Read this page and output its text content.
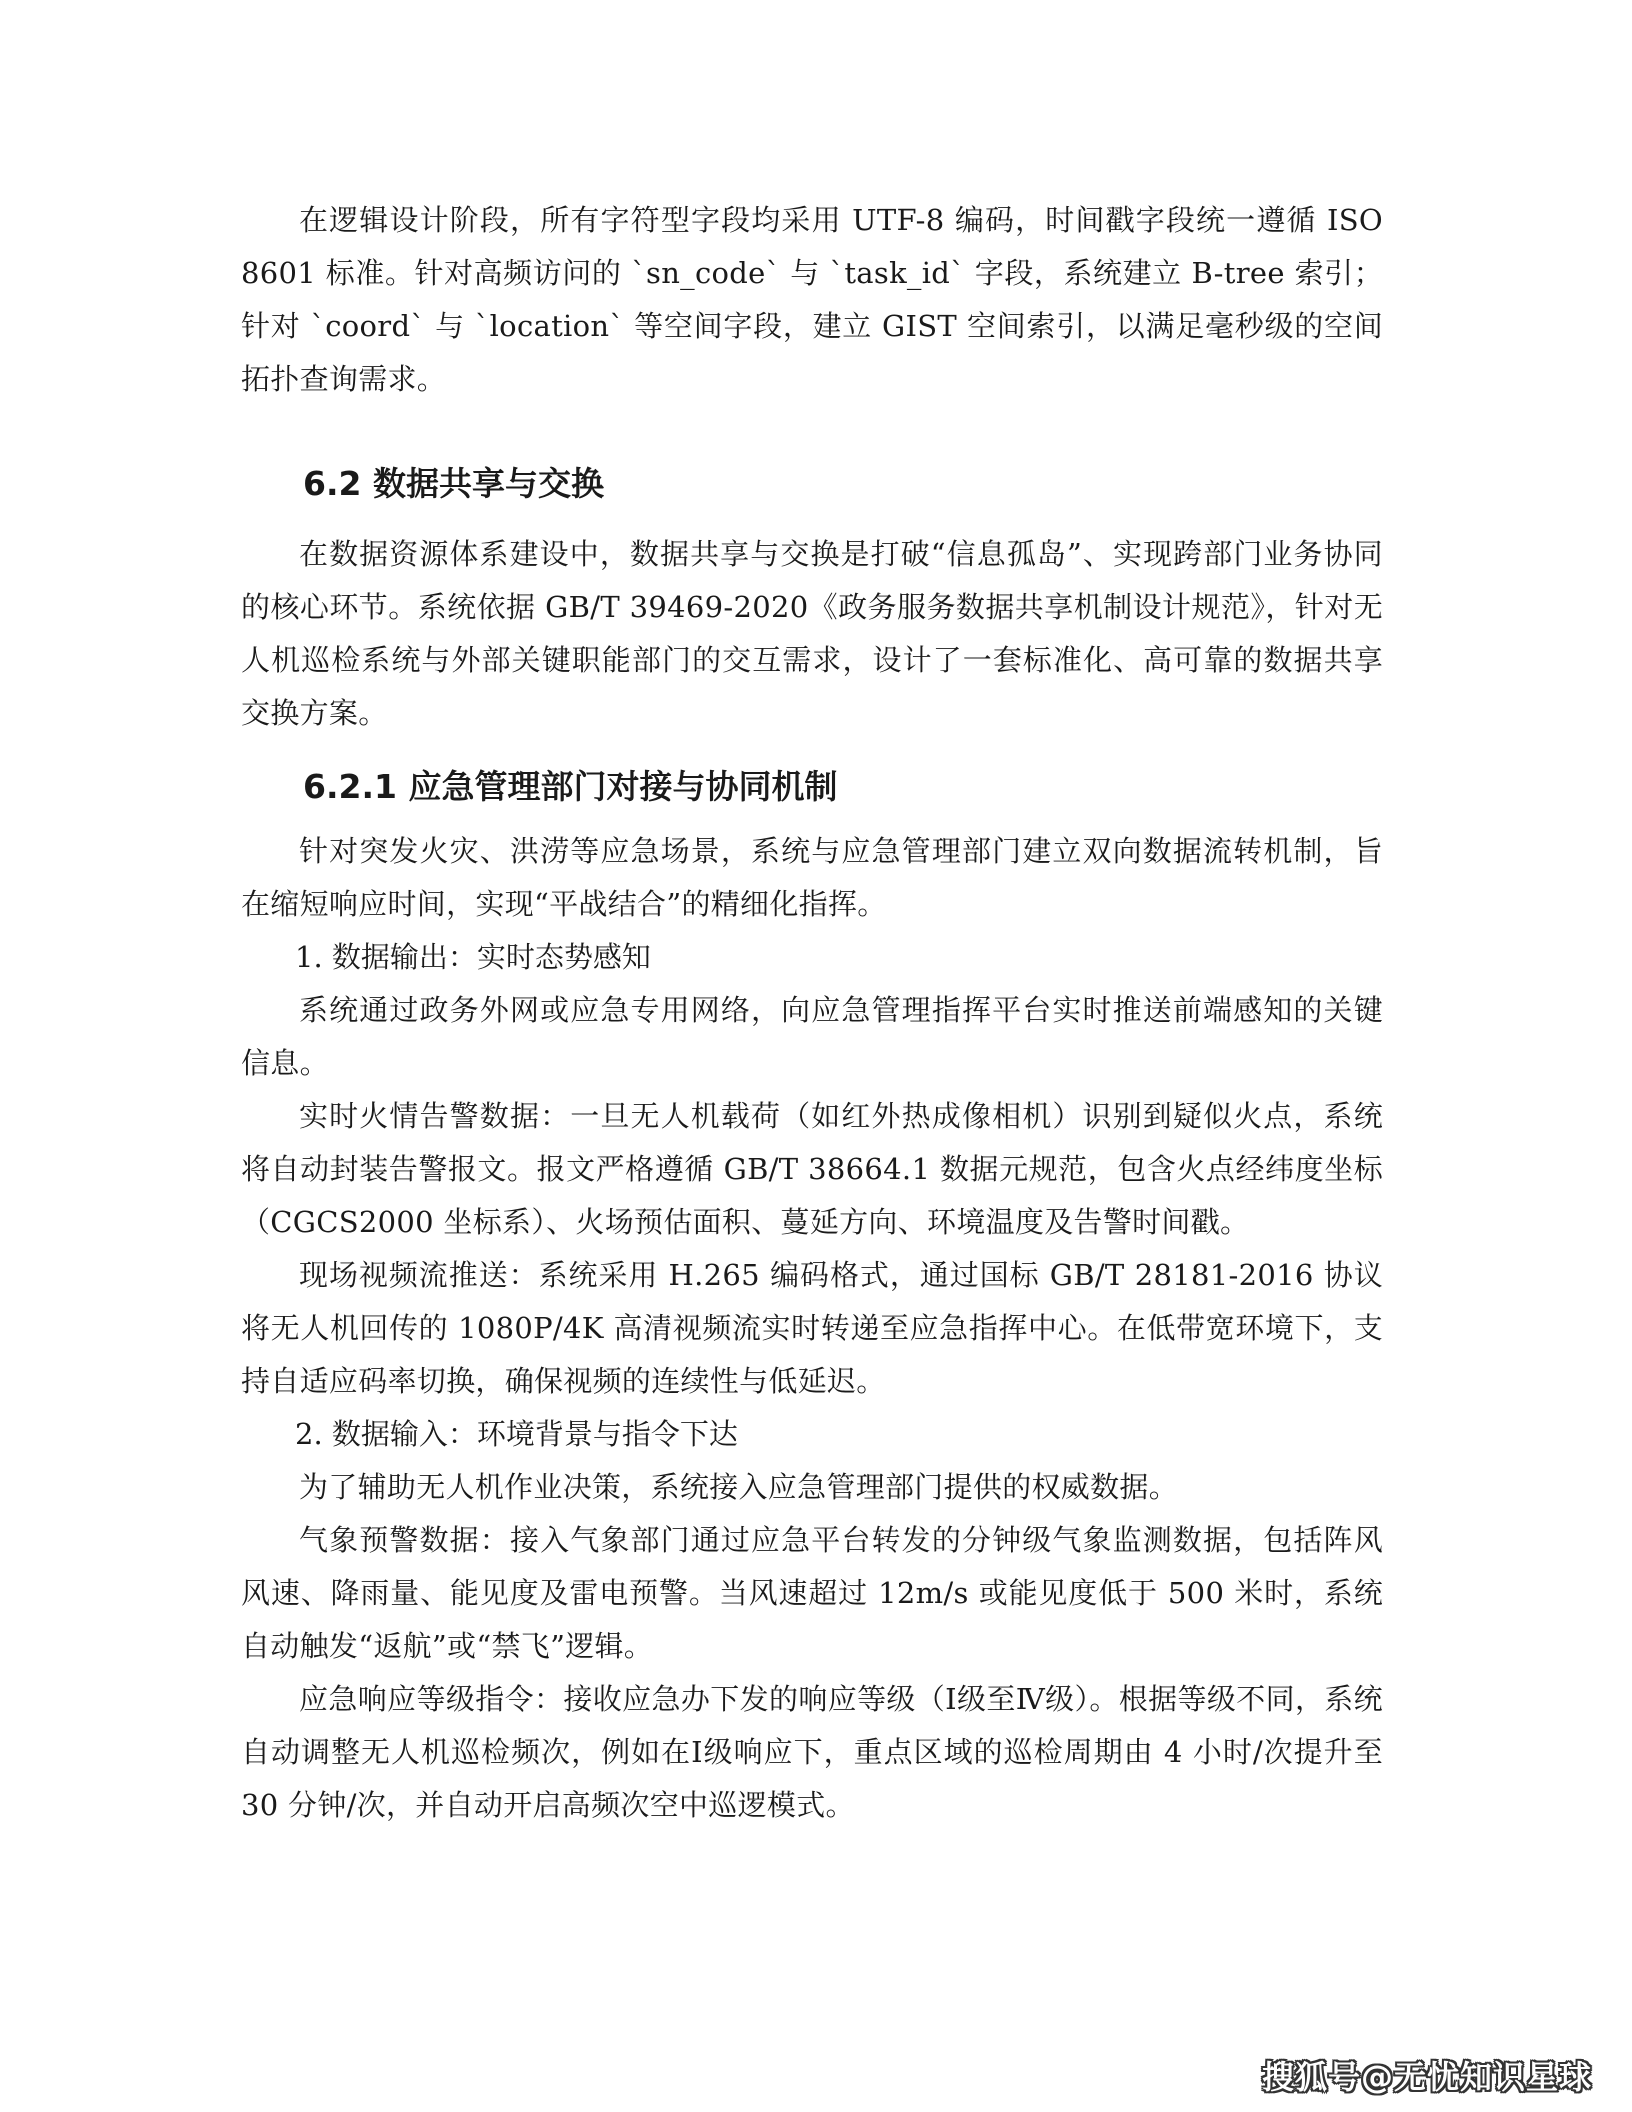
在逻辑设计阶段，所有字符型字段均采用 UTF-8 编码，时间戳字段统一遵循 ISO 8601 标准。针对高频访问的 `sn_code` 与 `task_id` 字段，系统建立 B-tree 索引；针对 `coord` 与 `location` 等空间字段，建立 GIST 空间索引，以满足毫秒级的空间拓扑查询需求。

6.2 数据共享与交换

在数据资源体系建设中，数据共享与交换是打破“信息孤岛”、实现跨部门业务协同的核心环节。系统依据 GB/T 39469-2020《政务服务数据共享机制设计规范》，针对无人机巡检系统与外部关键职能部门的交互需求，设计了一套标准化、高可靠的数据共享交换方案。

6.2.1 应急管理部门对接与协同机制

针对突发火灾、洪涝等应急场景，系统与应急管理部门建立双向数据流转机制，旨在缩短响应时间，实现“平战结合”的精细化指挥。

1. 数据输出：实时态势感知

系统通过政务外网或应急专用网络，向应急管理指挥平台实时推送前端感知的关键信息。

实时火情告警数据：一旦无人机载荷（如红外热成像相机）识别到疑似火点，系统将自动封装告警报文。报文严格遵循 GB/T 38664.1 数据元规范，包含火点经纬度坐标（CGCS2000 坐标系）、火场预估面积、蔓延方向、环境温度及告警时间戳。

现场视频流推送：系统采用 H.265 编码格式，通过国标 GB/T 28181-2016 协议将无人机回传的 1080P/4K 高清视频流实时转递至应急指挥中心。在低带宽环境下，支持自适应码率切换，确保视频的连续性与低延迟。

2. 数据输入：环境背景与指令下达

为了辅助无人机作业决策，系统接入应急管理部门提供的权威数据。

气象预警数据：接入气象部门通过应急平台转发的分钟级气象监测数据，包括阵风风速、降雨量、能见度及雷电预警。当风速超过 12m/s 或能见度低于 500 米时，系统自动触发“返航”或“禁飞”逻辑。

应急响应等级指令：接收应急办下发的响应等级（Ⅰ级至Ⅳ级）。根据等级不同，系统自动调整无人机巡检频次，例如在Ⅰ级响应下，重点区域的巡检周期由 4 小时/次提升至 30 分钟/次，并自动开启高频次空中巡逻模式。

搜狐号@无忧知识星球
